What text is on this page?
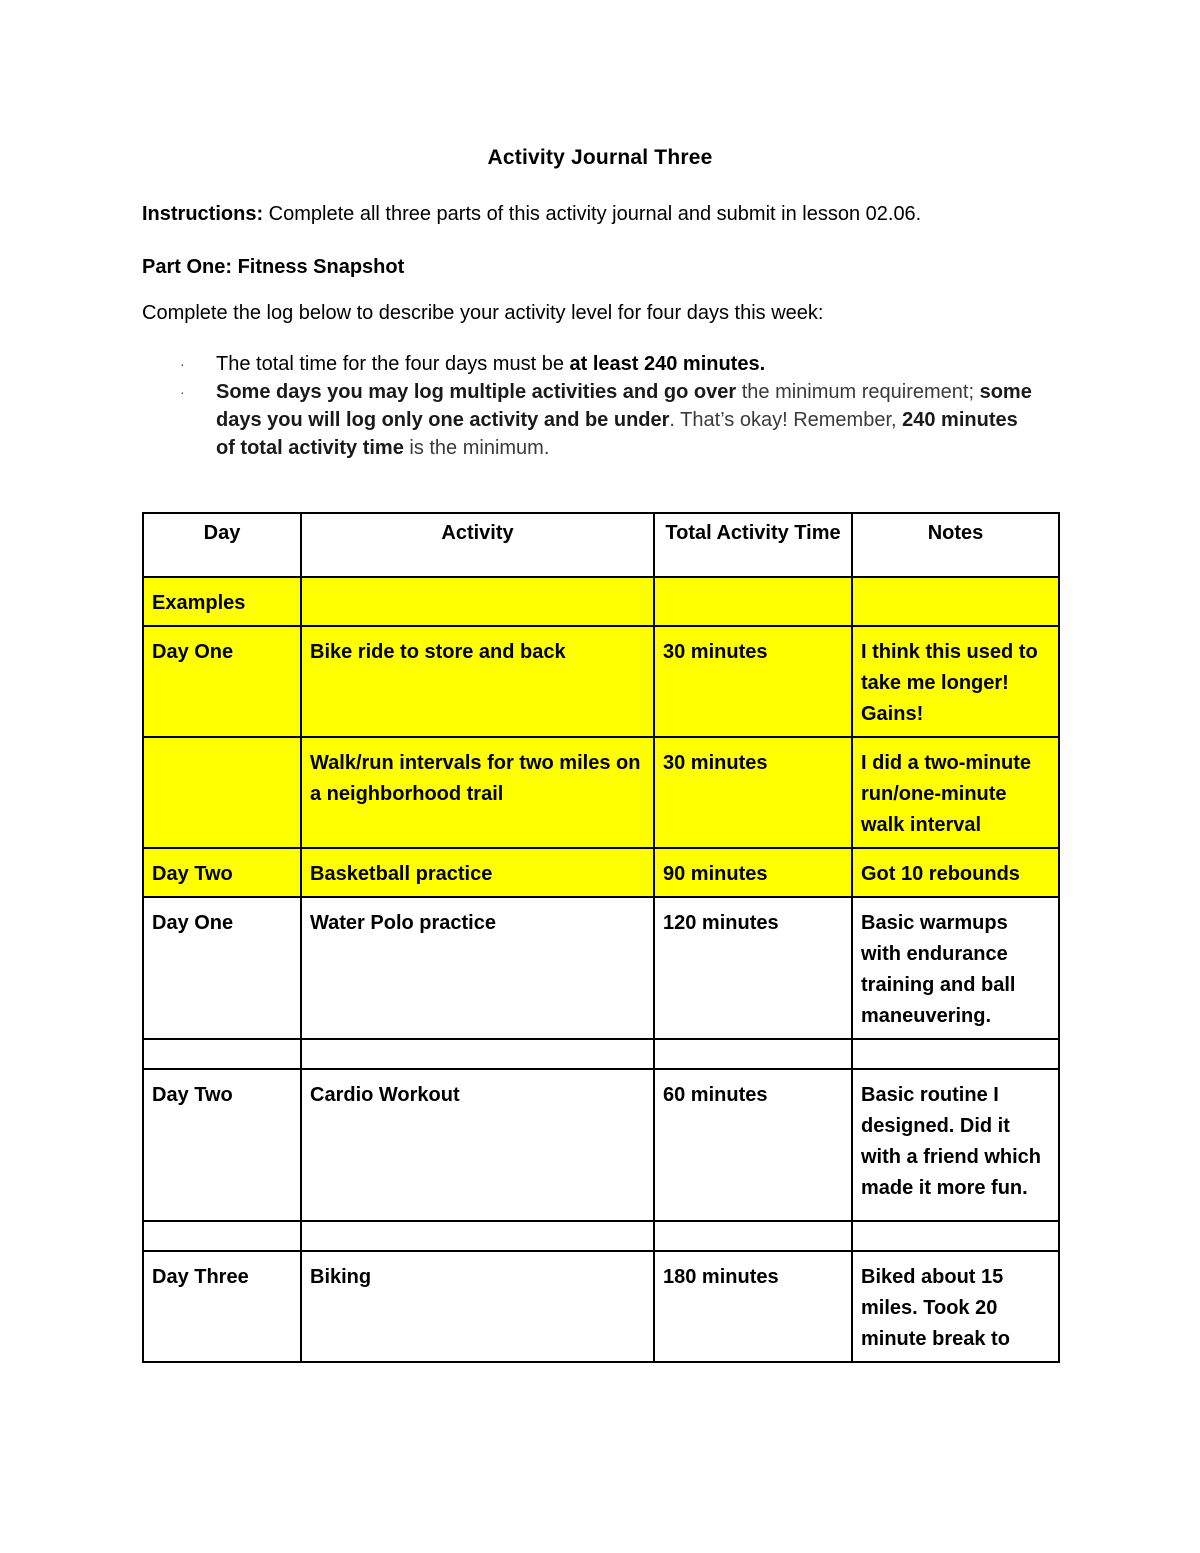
Activity Journal Three
Instructions: Complete all three parts of this activity journal and submit in lesson 02.06.
Part One: Fitness Snapshot
Complete the log below to describe your activity level for four days this week:
· The total time for the four days must be at least 240 minutes.
· Some days you may log multiple activities and go over the minimum requirement; some days you will log only one activity and be under. That’s okay! Remember, 240 minutes of total activity time is the minimum.
Day	Activity	Total Activity Time	Notes
Examples			
Day One	Bike ride to store and back	30 minutes	I think this used to take me longer! Gains!
	Walk/run intervals for two miles on a neighborhood trail	30 minutes	I did a two-minute run/one-minute walk interval
Day Two	Basketball practice	90 minutes	Got 10 rebounds
Day One	Water Polo practice	120 minutes	Basic warmups with endurance training and ball maneuvering.

Day Two	Cardio Workout	60 minutes	Basic routine I designed. Did it with a friend which made it more fun.

Day Three	Biking	180 minutes	Biked about 15 miles. Took 20 minute break to
